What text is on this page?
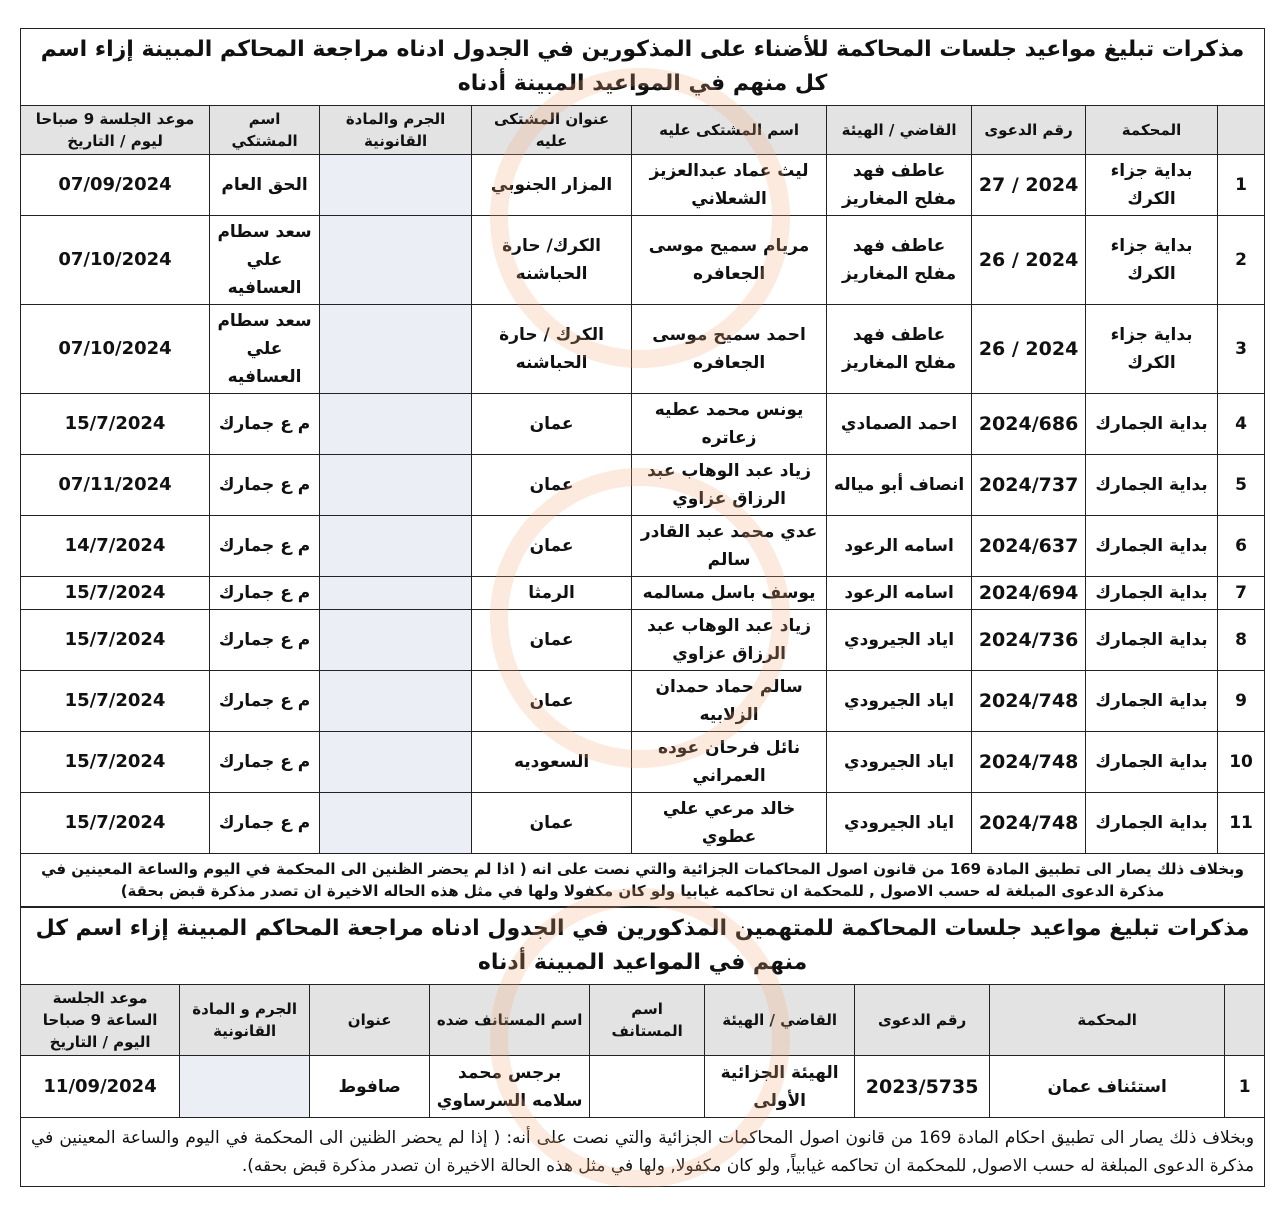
مذكرات تبليغ مواعيد جلسات المحاكمة للأضناء على المذكورين في الجدول ادناه مراجعة المحاكم المبينة إزاء اسم كل منهم في المواعيد المبينة أدناه								
	المحكمة	رقم الدعوى	القاضي / الهيئة	اسم المشتكى عليه	عنوان المشتكى عليه	الجرم والمادة القانونية	اسم المشتكي	موعد الجلسة 9 صباحا ليوم / التاريخ
1	بداية جزاء الكرك	27 / 2024	عاطف فهد مفلح المغاريز	ليث عماد عبدالعزيز الشعلاني	المزار الجنوبي		الحق العام	07/09/2024
2	بداية جزاء الكرك	26 / 2024	عاطف فهد مفلح المغاريز	مريام سميح موسى الجعافره	الكرك/ حارة الحباشنه		سعد سطام علي العسافيه	07/10/2024
3	بداية جزاء الكرك	26 / 2024	عاطف فهد مفلح المغاريز	احمد سميح موسى الجعافره	الكرك / حارة الحباشنه		سعد سطام علي العسافيه	07/10/2024
4	بداية الجمارك	2024/686	احمد الصمادي	يونس محمد عطيه زعاتره	عمان		م ع جمارك	15/7/2024
5	بداية الجمارك	2024/737	انصاف أبو مياله	زياد عبد الوهاب عبد الرزاق عزاوي	عمان		م ع جمارك	07/11/2024
6	بداية الجمارك	2024/637	اسامه الرعود	عدي محمد عبد القادر سالم	عمان		م ع جمارك	14/7/2024
7	بداية الجمارك	2024/694	اسامه الرعود	يوسف باسل مسالمه	الرمثا		م ع جمارك	15/7/2024
8	بداية الجمارك	2024/736	اياد الجيرودي	زياد عبد الوهاب عبد الرزاق عزاوي	عمان		م ع جمارك	15/7/2024
9	بداية الجمارك	2024/748	اياد الجيرودي	سالم حماد حمدان الزلابيه	عمان		م ع جمارك	15/7/2024
10	بداية الجمارك	2024/748	اياد الجيرودي	نائل فرحان عوده العمراني	السعوديه		م ع جمارك	15/7/2024
11	بداية الجمارك	2024/748	اياد الجيرودي	خالد مرعي علي عطوي	عمان		م ع جمارك	15/7/2024
وبخلاف ذلك يصار الى تطبيق المادة 169 من قانون اصول المحاكمات الجزائية والتي نصت على انه ( اذا لم يحضر الظنين الى المحكمة في اليوم والساعة المعينين في مذكرة الدعوى المبلغة له حسب الاصول , للمحكمة ان تحاكمه غيابيا ولو كان مكفولا ولها في مثل هذه الحاله الاخيرة ان تصدر مذكرة قبض بحقة)								
مذكرات تبليغ مواعيد جلسات المحاكمة للمتهمين المذكورين في الجدول ادناه مراجعة المحاكم المبينة إزاء اسم كل منهم في المواعيد المبينة أدناه								
	المحكمة	رقم الدعوى	القاضي / الهيئة	اسم المستانف	اسم المستانف ضده	عنوان	الجرم و المادة القانونية	موعد الجلسة الساعة 9 صباحا اليوم / التاريخ
1	استئناف عمان	2023/5735	الهيئة الجزائية الأولى		برجس محمد سلامه السرساوي	صافوط		11/09/2024
وبخلاف ذلك يصار الى تطبيق احكام المادة 169 من قانون اصول المحاكمات الجزائية والتي نصت على أنه: ( إذا لم يحضر الظنين الى المحكمة في اليوم والساعة المعينين في مذكرة الدعوى المبلغة له حسب الاصول, للمحكمة ان تحاكمه غيابياً, ولو كان مكفولا, ولها في مثل هذه الحالة الاخيرة ان تصدر مذكرة قبض بحقه).								
